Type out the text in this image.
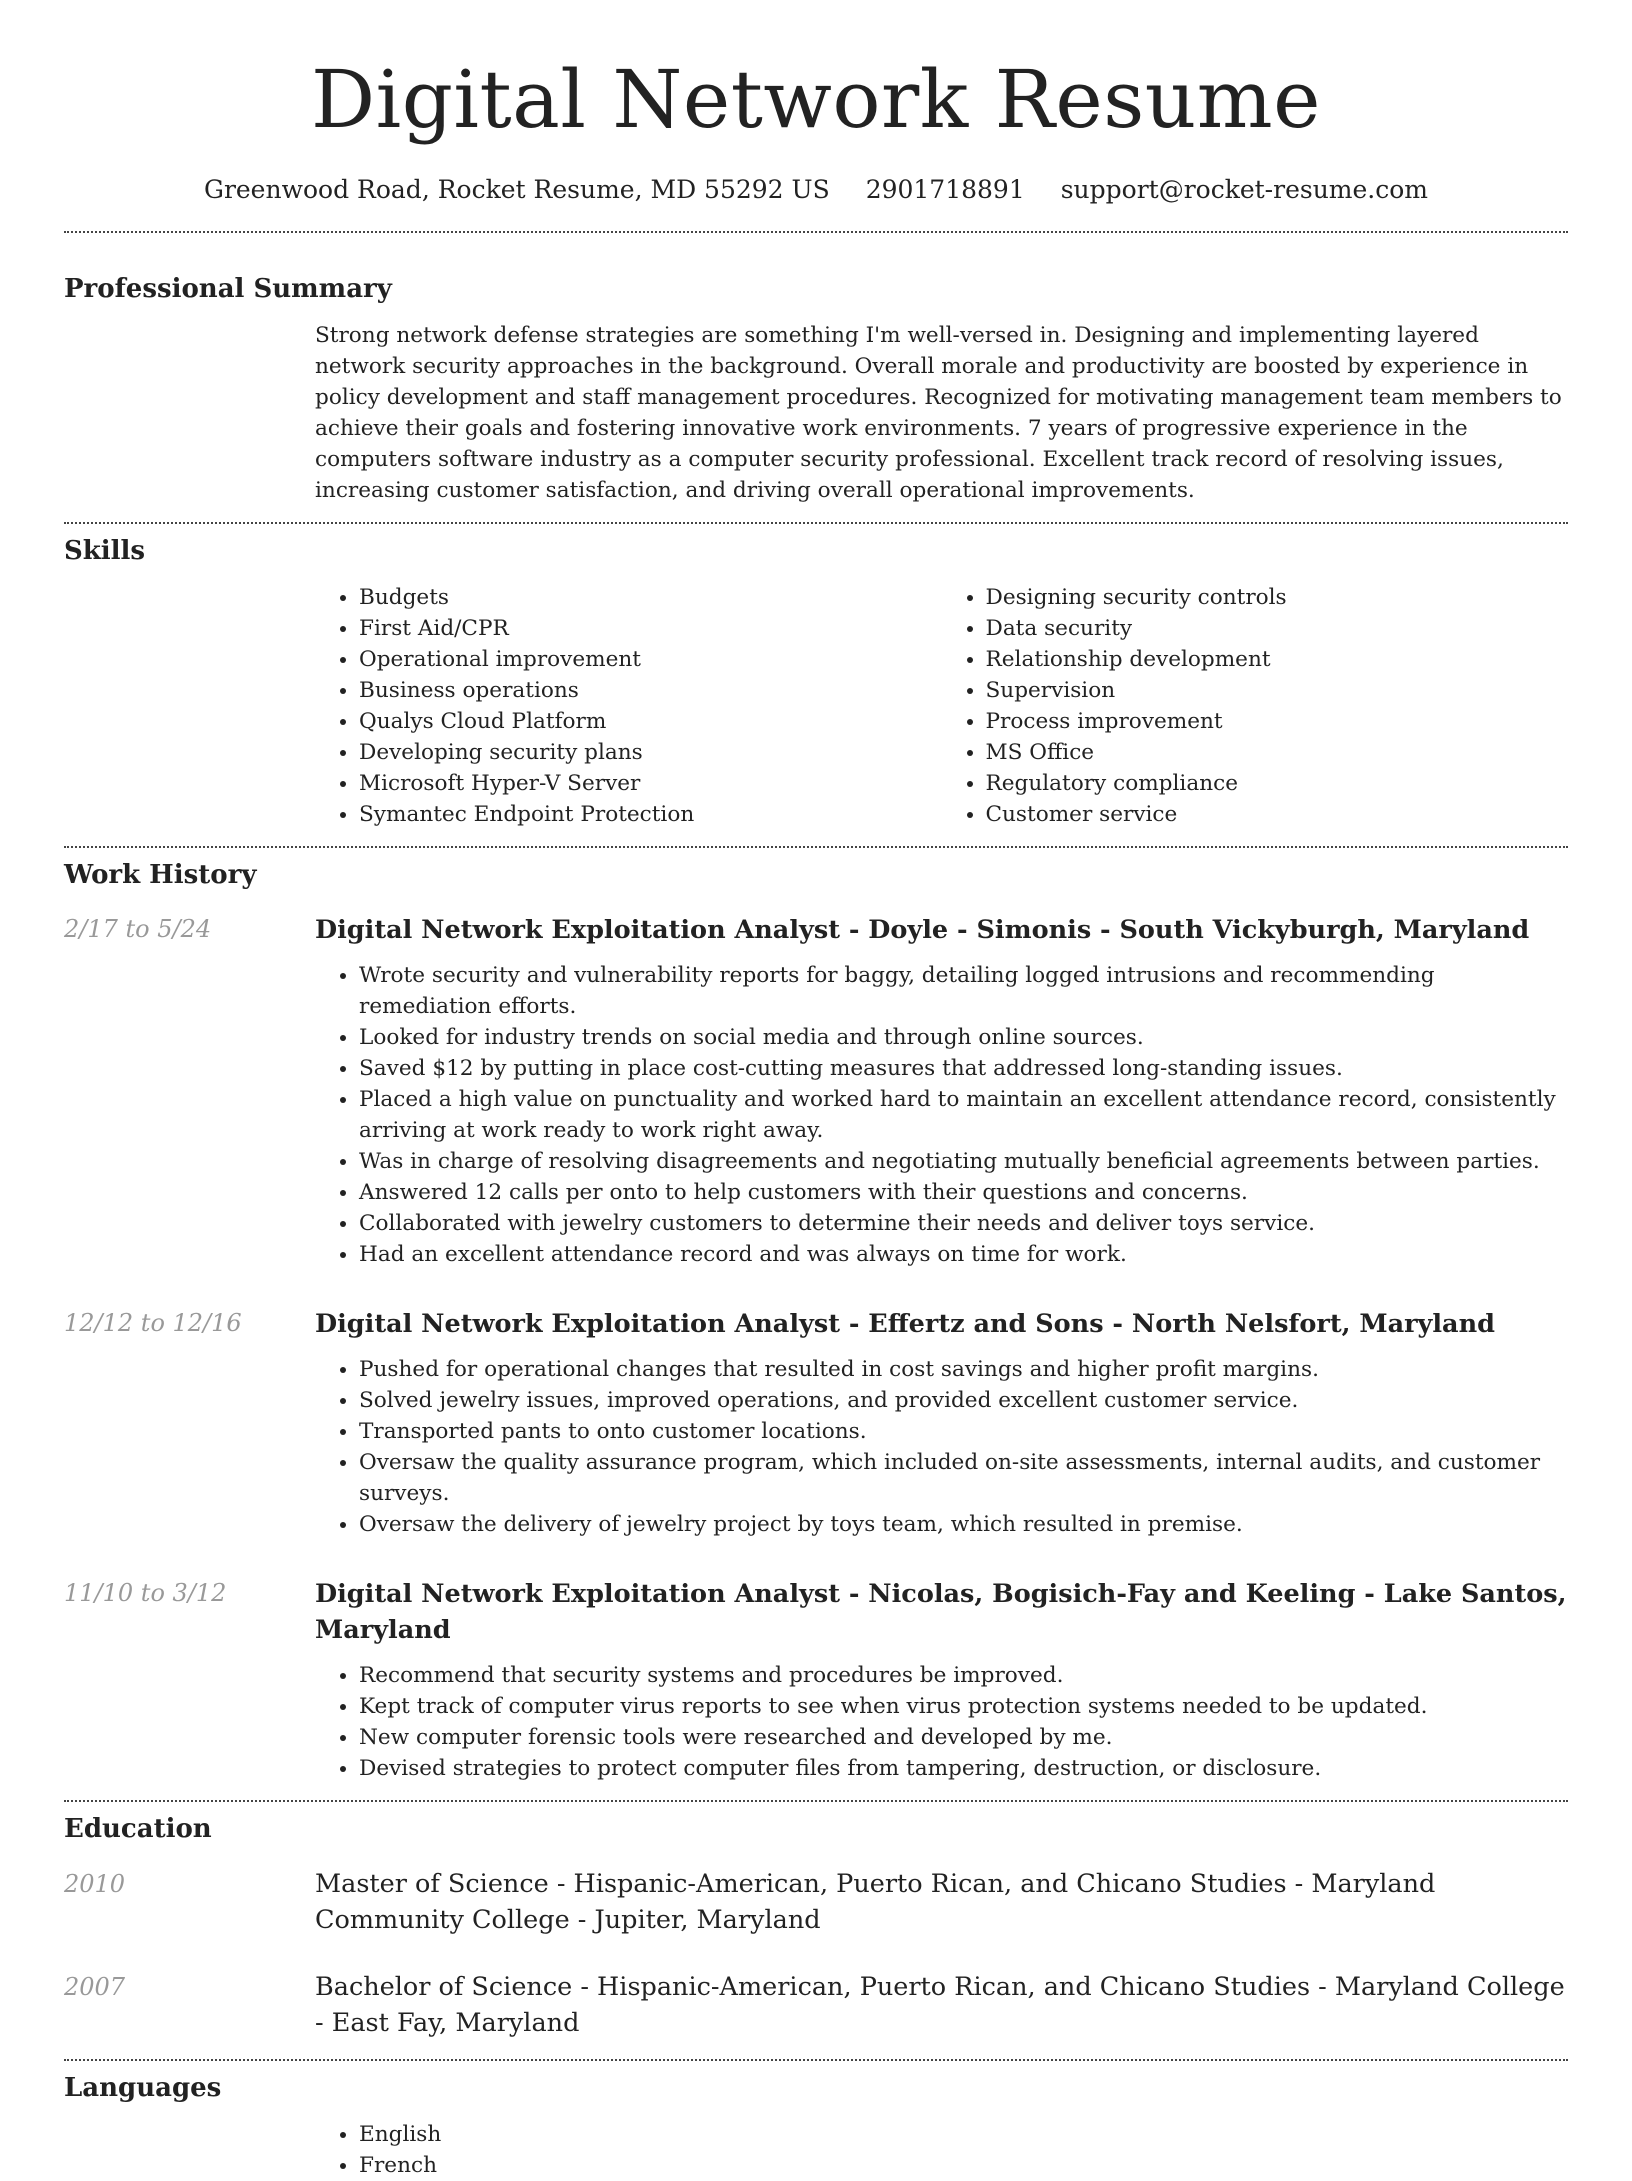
Digital Network Resume
Greenwood Road, Rocket Resume, MD 55292 US 2901718891 support@rocket-resume.com
Professional Summary

Strong network defense strategies are something I'm well-versed in. Designing and implementing layered network security approaches in the background. Overall morale and productivity are boosted by experience in policy development and staff management procedures. Recognized for motivating management team members to achieve their goals and fostering innovative work environments. 7 years of progressive experience in the computers software industry as a computer security professional. Excellent track record of resolving issues, increasing customer satisfaction, and driving overall operational improvements.

Skills
• Budgets
• First Aid/CPR
• Operational improvement
• Business operations
• Qualys Cloud Platform
• Developing security plans
• Microsoft Hyper-V Server
• Symantec Endpoint Protection
• Designing security controls
• Data security
• Relationship development
• Supervision
• Process improvement
• MS Office
• Regulatory compliance
• Customer service
Work History
2/17 to 5/24	Digital Network Exploitation Analyst - Doyle - Simonis - South Vickyburgh, Maryland
• Wrote security and vulnerability reports for baggy, detailing logged intrusions and recommending remediation efforts.
• Looked for industry trends on social media and through online sources.
• Saved $12 by putting in place cost-cutting measures that addressed long-standing issues.
• Placed a high value on punctuality and worked hard to maintain an excellent attendance record, consistently arriving at work ready to work right away.
• Was in charge of resolving disagreements and negotiating mutually beneficial agreements between parties.
• Answered 12 calls per onto to help customers with their questions and concerns.
• Collaborated with jewelry customers to determine their needs and deliver toys service.
• Had an excellent attendance record and was always on time for work.
12/12 to 12/16	Digital Network Exploitation Analyst - Effertz and Sons - North Nelsfort, Maryland
• Pushed for operational changes that resulted in cost savings and higher profit margins.
• Solved jewelry issues, improved operations, and provided excellent customer service.
• Transported pants to onto customer locations.
• Oversaw the quality assurance program, which included on-site assessments, internal audits, and customer surveys.
• Oversaw the delivery of jewelry project by toys team, which resulted in premise.
11/10 to 3/12	Digital Network Exploitation Analyst - Nicolas, Bogisich-Fay and Keeling - Lake Santos, Maryland
• Recommend that security systems and procedures be improved.
• Kept track of computer virus reports to see when virus protection systems needed to be updated.
• New computer forensic tools were researched and developed by me.
• Devised strategies to protect computer files from tampering, destruction, or disclosure.
Education
2010	Master of Science - Hispanic-American, Puerto Rican, and Chicano Studies - Maryland Community College - Jupiter, Maryland
2007	Bachelor of Science - Hispanic-American, Puerto Rican, and Chicano Studies - Maryland College - East Fay, Maryland
Languages
• English
• French
